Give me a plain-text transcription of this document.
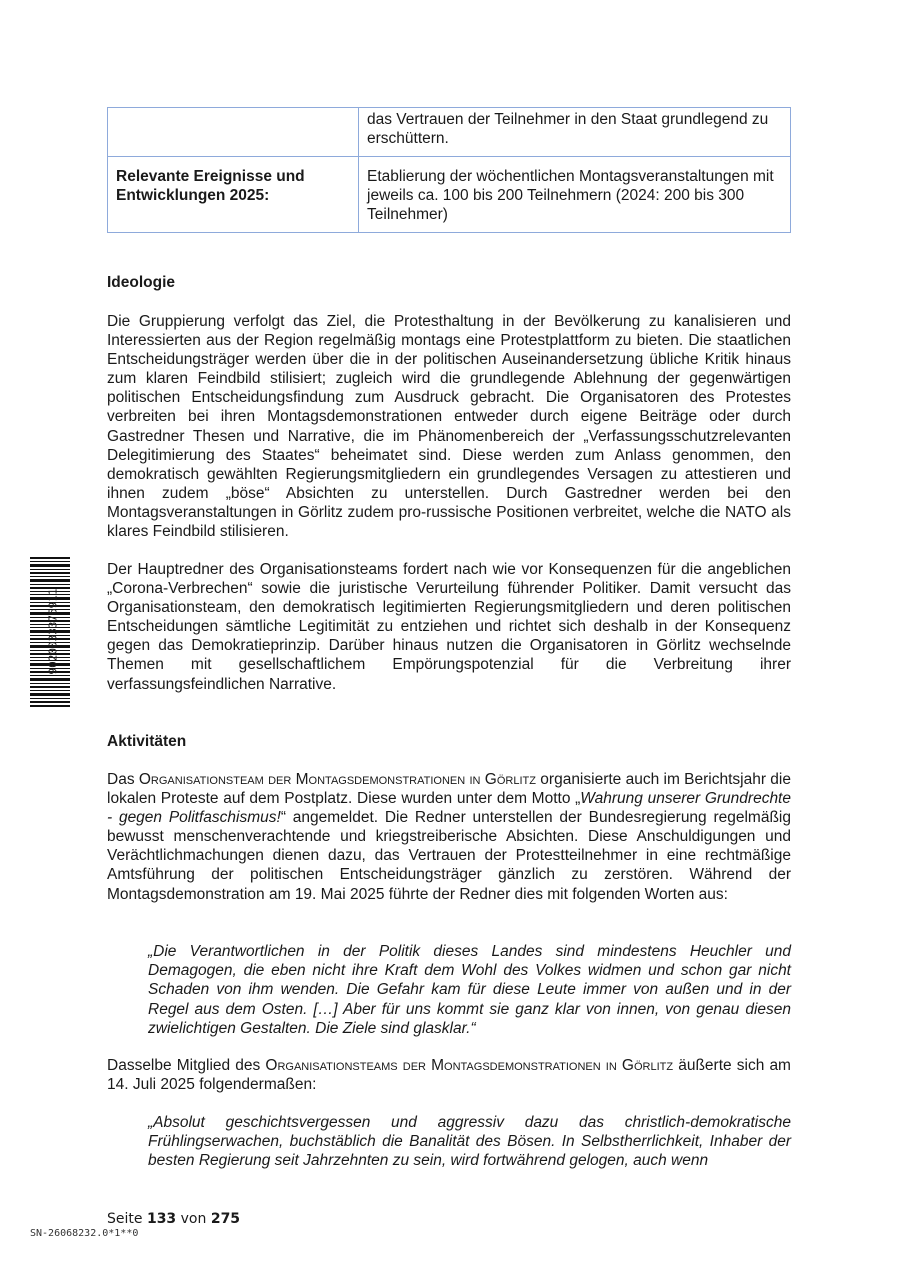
	das Vertrauen der Teilnehmer in den Staat grundlegend zu erschüttern.
Relevante Ereignisse und Entwicklungen 2025:	Etablierung der wöchentlichen Montagsveranstaltungen mit jeweils ca. 100 bis 200 Teilnehmern (2024: 200 bis 300 Teilnehmer)
Ideologie

Die Gruppierung verfolgt das Ziel, die Protesthaltung in der Bevölkerung zu kanalisieren und Interessierten aus der Region regelmäßig montags eine Protestplattform zu bieten. Die staatlichen Entscheidungsträger werden über die in der politischen Auseinandersetzung übliche Kritik hinaus zum klaren Feindbild stilisiert; zugleich wird die grundlegende Ablehnung der gegenwärtigen politischen Entscheidungsfindung zum Ausdruck gebracht. Die Organisatoren des Protestes verbreiten bei ihren Montagsdemonstrationen entweder durch eigene Beiträge oder durch Gastredner Thesen und Narrative, die im Phänomenbereich der „Verfassungsschutzrelevanten Delegitimierung des Staates“ beheimatet sind. Diese werden zum Anlass genommen, den demokratisch gewählten Regierungsmitgliedern ein grundlegendes Versagen zu attestieren und ihnen zudem „böse“ Absichten zu unterstellen. Durch Gastredner werden bei den Montagsveranstaltungen in Görlitz zudem pro-russische Positionen verbreitet, welche die NATO als klares Feindbild stilisieren.

Der Hauptredner des Organisationsteams fordert nach wie vor Konsequenzen für die angeblichen „Corona-Verbrechen“ sowie die juristische Verurteilung führender Politiker. Damit versucht das Organisationsteam, den demokratisch legitimierten Regierungsmitgliedern und deren politischen Entscheidungen sämtliche Legitimität zu entziehen und richtet sich deshalb in der Konsequenz gegen das Demokratieprinzip. Darüber hinaus nutzen die Organisatoren in Görlitz wechselnde Themen mit gesellschaftlichem Empörungspotenzial für die Verbreitung ihrer verfassungsfeindlichen Narrative.

Aktivitäten

Das Organisationsteam der Montagsdemonstrationen in Görlitz organisierte auch im Berichtsjahr die lokalen Proteste auf dem Postplatz. Diese wurden unter dem Motto „Wahrung unserer Grundrechte - gegen Politfaschismus!“ angemeldet. Die Redner unterstellen der Bundesregierung regelmäßig bewusst menschenverachtende und kriegstreiberische Absichten. Diese Anschuldigungen und Verächtlichmachungen dienen dazu, das Vertrauen der Protestteilnehmer in eine rechtmäßige Amtsführung der politischen Entscheidungsträger gänzlich zu zerstören. Während der Montagsdemonstration am 19. Mai 2025 führte der Redner dies mit folgenden Worten aus:

„Die Verantwortlichen in der Politik dieses Landes sind mindestens Heuchler und Demagogen, die eben nicht ihre Kraft dem Wohl des Volkes widmen und schon gar nicht Schaden von ihm wenden. Die Gefahr kam für diese Leute immer von außen und in der Regel aus dem Osten. […] Aber für uns kommt sie ganz klar von innen, von genau diesen zwielichtigen Gestalten. Die Ziele sind glasklar.“

Dasselbe Mitglied des Organisationsteams der Montagsdemonstrationen in Görlitz äußerte sich am 14. Juli 2025 folgendermaßen:

„Absolut geschichtsvergessen und aggressiv dazu das christlich-demokratische Frühlingserwachen, buchstäblich die Banalität des Bösen. In Selbstherrlichkeit, Inhaber der besten Regierung seit Jahrzehnten zu sein, wird fortwährend gelogen, auch wenn

9020033376911
Seite 133 von 275
SN-26068232.0*1**0
